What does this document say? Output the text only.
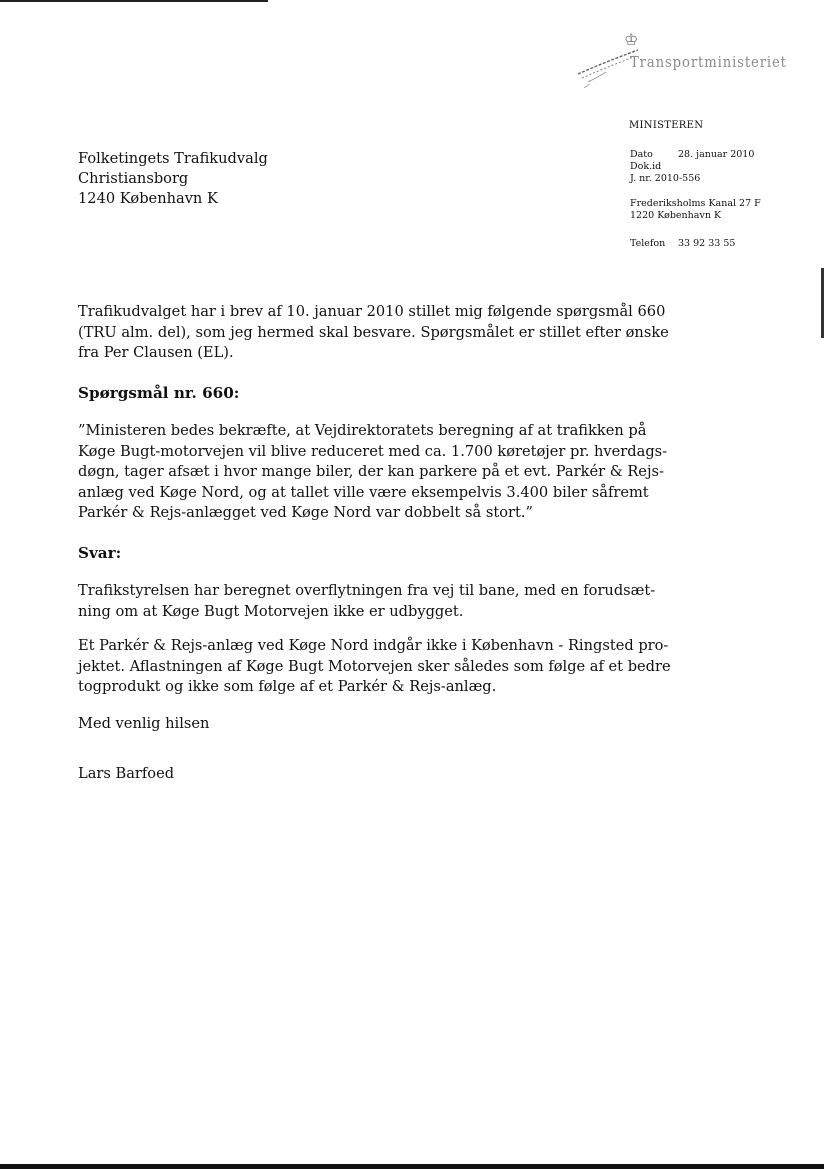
♔
Transportministeriet
MINISTEREN
Dato	28. januar 2010
Dok.id
J. nr. 2010-556
Frederiksholms Kanal 27 F
1220 København K
Telefon 33 92 33 55
Folketingets Trafikudvalg
Christiansborg
1240 København K
Trafikudvalget har i brev af 10. januar 2010 stillet mig følgende spørgsmål 660
(TRU alm. del), som jeg hermed skal besvare. Spørgsmålet er stillet efter ønske
fra Per Clausen (EL).
Spørgsmål nr. 660:
”Ministeren bedes bekræfte, at Vejdirektoratets beregning af at trafikken på
Køge Bugt-motorvejen vil blive reduceret med ca. 1.700 køretøjer pr. hverdags-
døgn, tager afsæt i hvor mange biler, der kan parkere på et evt. Parkér & Rejs-
anlæg ved Køge Nord, og at tallet ville være eksempelvis 3.400 biler såfremt
Parkér & Rejs-anlægget ved Køge Nord var dobbelt så stort.”
Svar:
Trafikstyrelsen har beregnet overflytningen fra vej til bane, med en forudsæt-
ning om at Køge Bugt Motorvejen ikke er udbygget.
Et Parkér & Rejs-anlæg ved Køge Nord indgår ikke i København - Ringsted pro-
jektet. Aflastningen af Køge Bugt Motorvejen sker således som følge af et bedre
togprodukt og ikke som følge af et Parkér & Rejs-anlæg.
Med venlig hilsen
Lars Barfoed
